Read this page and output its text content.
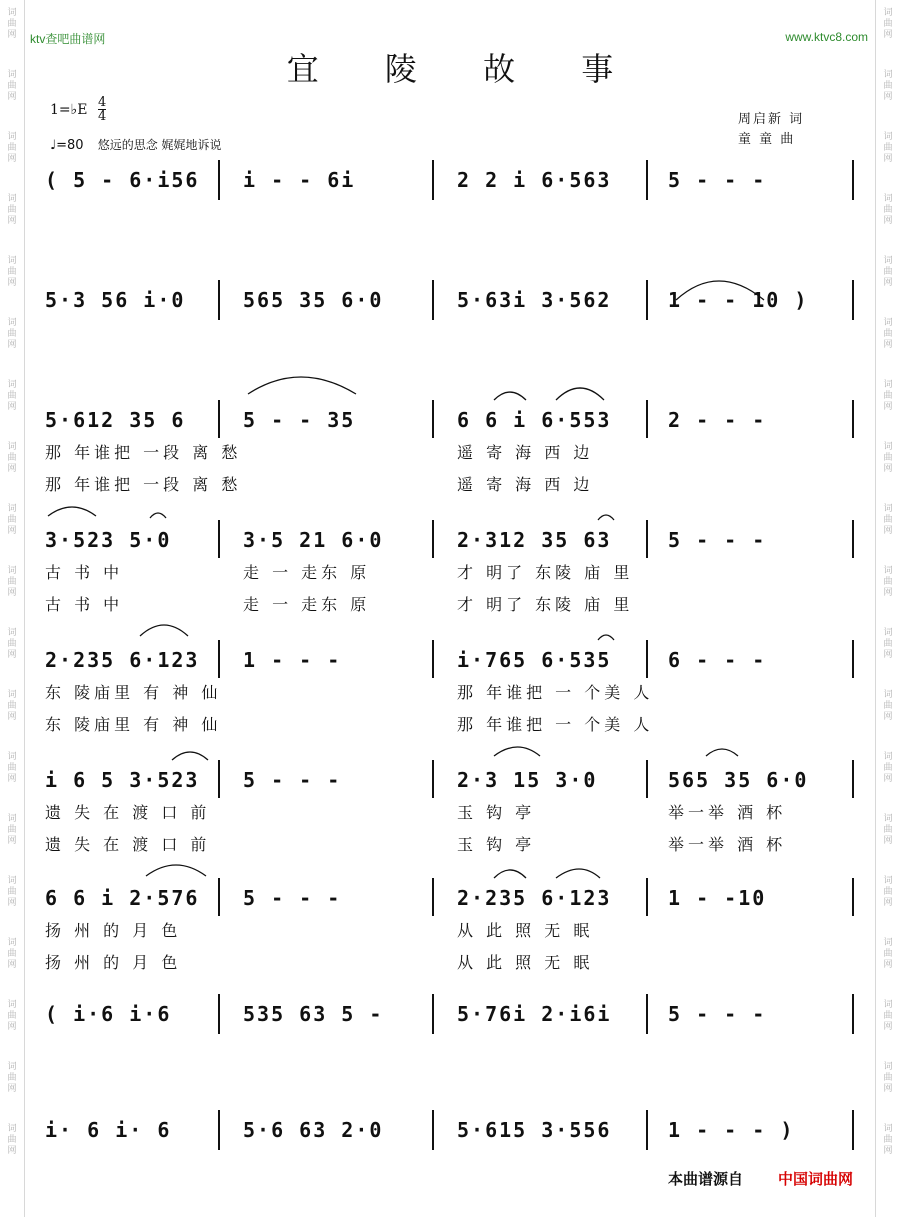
词 曲 网
词 曲 网
词 曲 网
词 曲 网
词 曲 网
词 曲 网
词 曲 网
词 曲 网
词 曲 网
词 曲 网
词 曲 网
词 曲 网
词 曲 网
词 曲 网
词 曲 网
词 曲 网
词 曲 网
词 曲 网
词 曲 网
词 曲 网
词 曲 网
词 曲 网
词 曲 网
词 曲 网
词 曲 网
词 曲 网
词 曲 网
词 曲 网
词 曲 网
词 曲 网
词 曲 网
词 曲 网
词 曲 网
词 曲 网
词 曲 网
词 曲 网
词 曲 网
词 曲 网
ktv查吧曲谱网	www.ktvc8.com
宜 陵 故 事
1=♭E $\frac{4}{4}$
♩=80 悠远的思念 娓娓地诉说
周启新 词
童 童 曲
( 5 - 6·i56 i - - 6i	2 2 i 6·563	5 - - -
5·3 56 i·0	565 35 6·0	5·63i 3·562	1 - - 10 )
5·612 35 6	5 - - 35	6 6 i 6·553	2 - - -
那 年谁把 一段 离 愁	遥 寄 海 西 边
那 年谁把 一段 离 愁	遥 寄 海 西 边
3·523 5·0	3·5 21 6·0	2·312 35 63	5 - - -
古 书 中	走 一 走东 原	才 明了 东陵 庙 里
古 书 中	走 一 走东 原	才 明了 东陵 庙 里
2·235 6·123 1 - - -	i·765 6·535	6 - - -
东 陵庙里 有 神 仙	那 年谁把 一 个美 人
东 陵庙里 有 神 仙	那 年谁把 一 个美 人
i 6 5 3·523 5 - - -	2·3 15 3·0	565 35 6·0
遗 失 在 渡 口 前	玉 钩 亭	举一举 酒 杯
遗 失 在 渡 口 前	玉 钩 亭	举一举 酒 杯
6 6 i 2·576 5 - - -	2·235 6·123	1 - -10
扬 州 的 月 色	从 此 照 无 眠
扬 州 的 月 色	从 此 照 无 眠
( i·6 i·6	535 63 5 -	5·76i 2·i6i	5 - - -
i· 6 i· 6	5·6 63 2·0	5·615 3·556	1 - - - )
本曲谱源自 中国词曲网
